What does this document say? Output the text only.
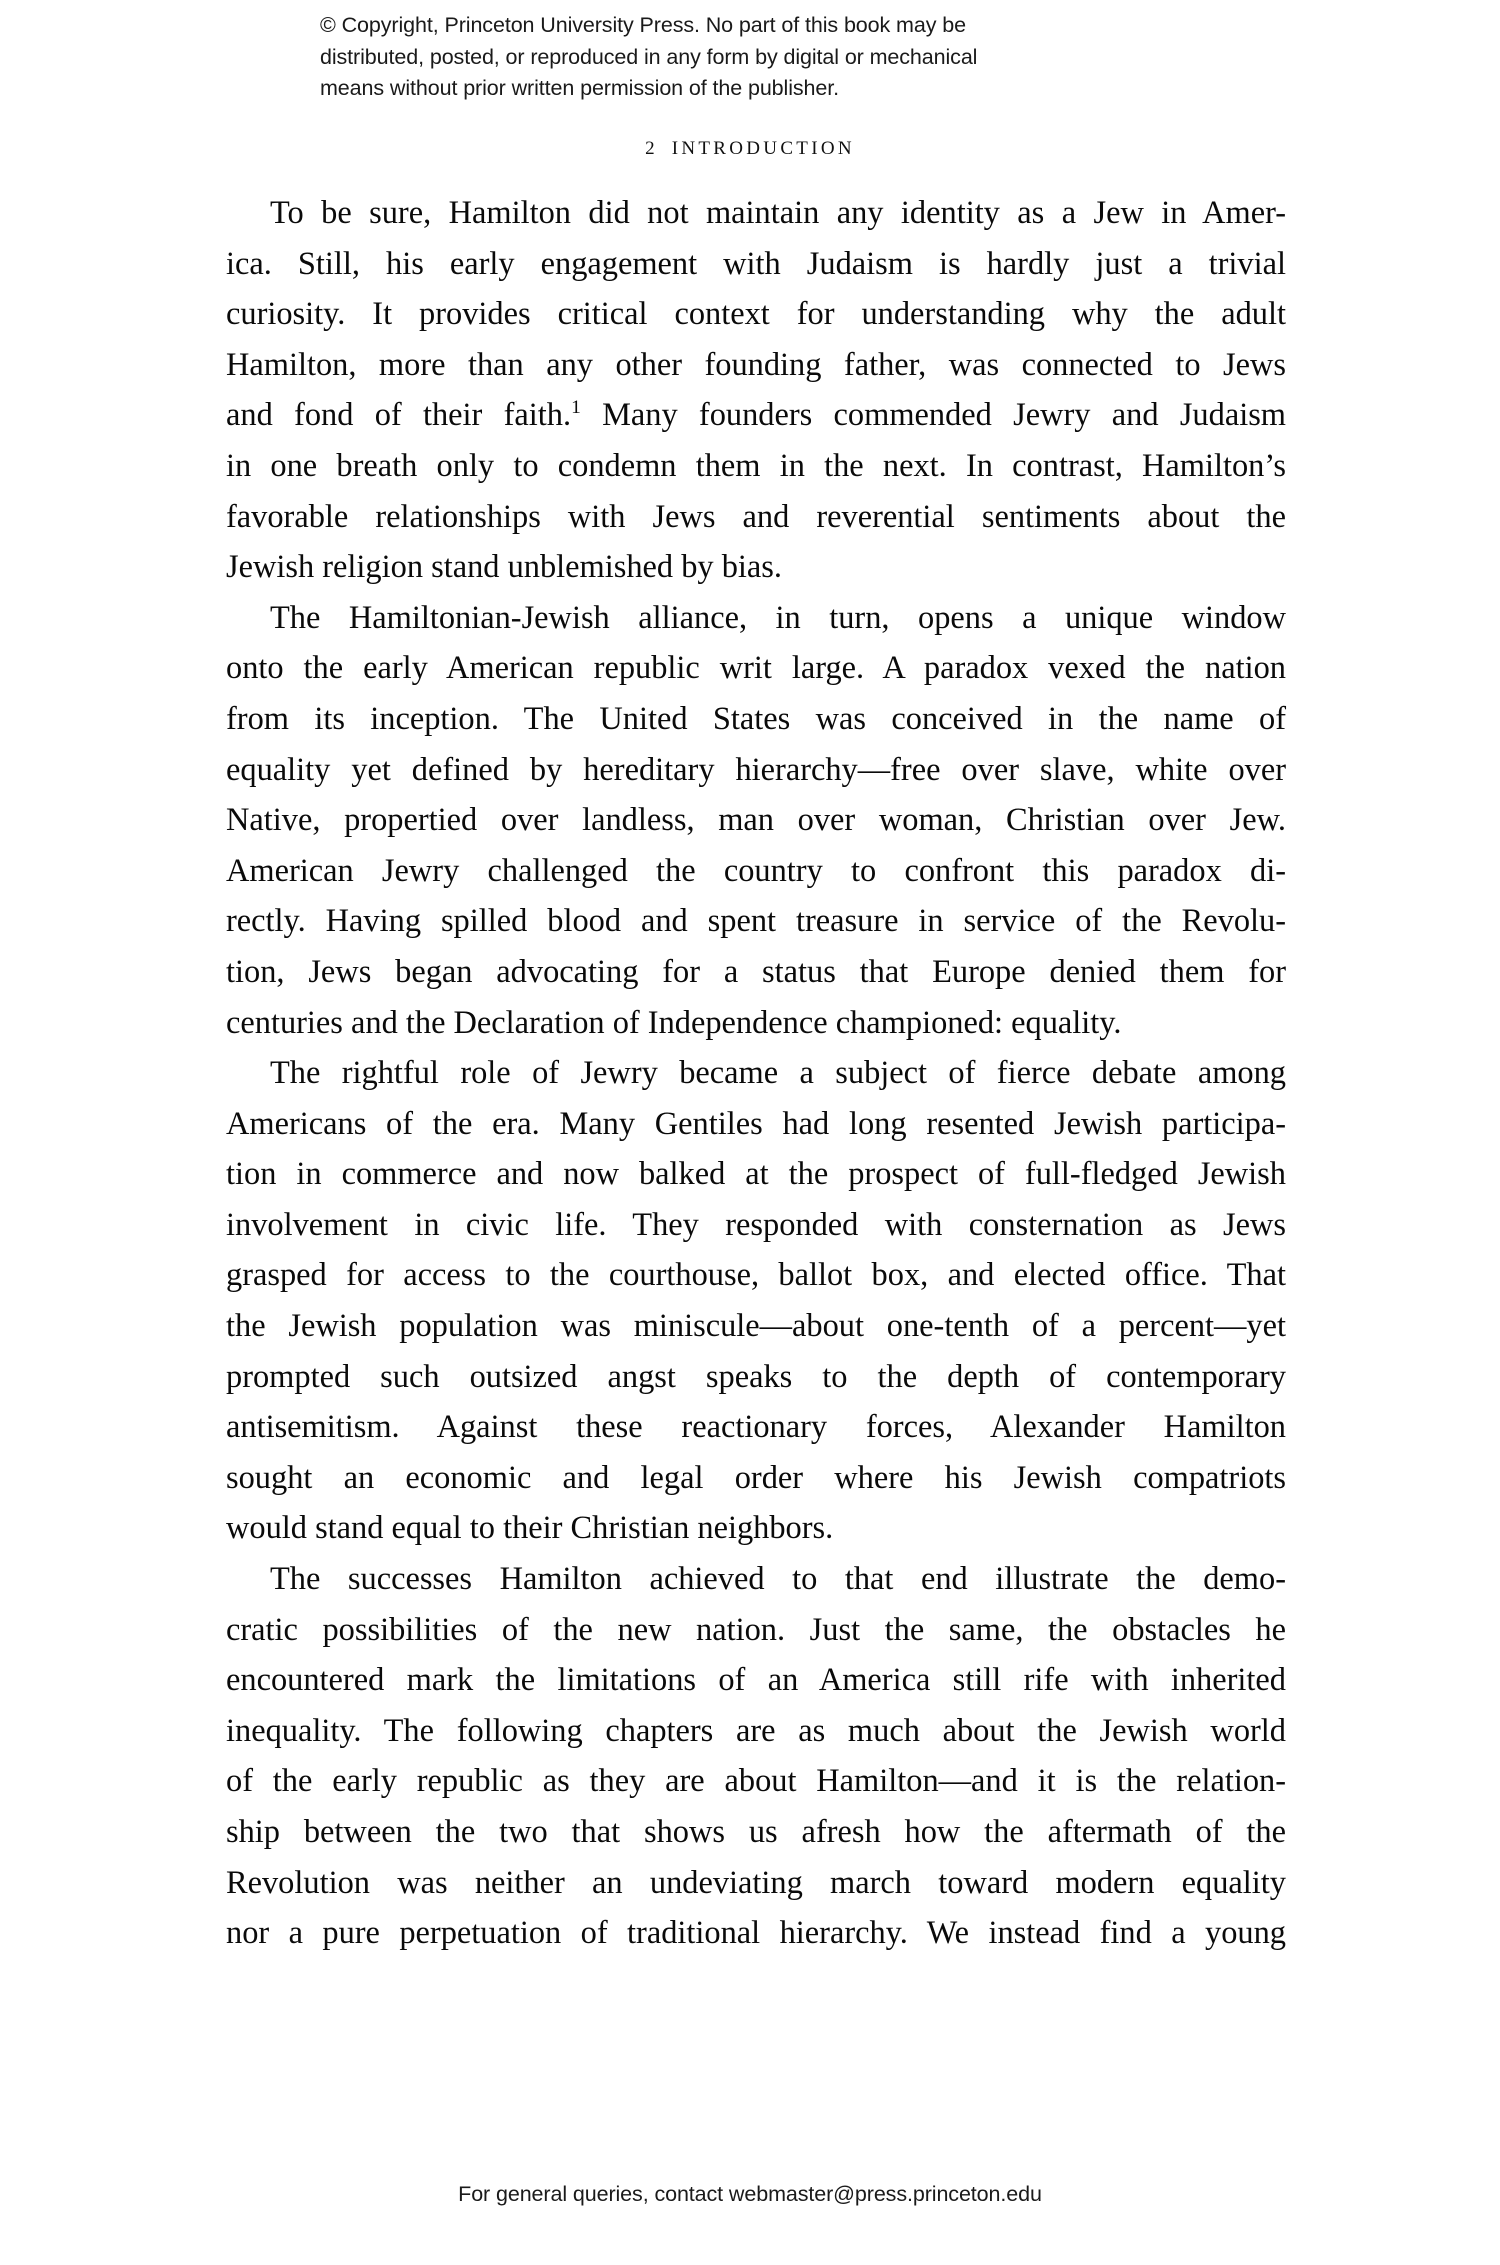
© Copyright, Princeton University Press. No part of this book may be
distributed, posted, or reproduced in any form by digital or mechanical
means without prior written permission of the publisher.
2 INTRODUCTION

To be sure, Hamilton did not maintain any identity as a Jew in Amer-
ica. Still, his early engagement with Judaism is hardly just a trivial
curiosity. It provides critical context for understanding why the adult
Hamilton, more than any other founding father, was connected to Jews
and fond of their faith.$^1$ Many founders commended Jewry and Judaism
in one breath only to condemn them in the next. In contrast, Hamilton’s
favorable relationships with Jews and reverential sentiments about the
Jewish religion stand unblemished by bias.

The Hamiltonian-Jewish alliance, in turn, opens a unique window
onto the early American republic writ large. A paradox vexed the nation
from its inception. The United States was conceived in the name of
equality yet defined by hereditary hierarchy—free over slave, white over
Native, propertied over landless, man over woman, Christian over Jew.
American Jewry challenged the country to confront this paradox di-
rectly. Having spilled blood and spent treasure in service of the Revolu-
tion, Jews began advocating for a status that Europe denied them for
centuries and the Declaration of Independence championed: equality.

The rightful role of Jewry became a subject of fierce debate among
Americans of the era. Many Gentiles had long resented Jewish participa-
tion in commerce and now balked at the prospect of full-fledged Jewish
involvement in civic life. They responded with consternation as Jews
grasped for access to the courthouse, ballot box, and elected office. That
the Jewish population was miniscule—about one-tenth of a percent—yet
prompted such outsized angst speaks to the depth of contemporary
antisemitism. Against these reactionary forces, Alexander Hamilton
sought an economic and legal order where his Jewish compatriots
would stand equal to their Christian neighbors.

The successes Hamilton achieved to that end illustrate the demo-
cratic possibilities of the new nation. Just the same, the obstacles he
encountered mark the limitations of an America still rife with inherited
inequality. The following chapters are as much about the Jewish world
of the early republic as they are about Hamilton—and it is the relation-
ship between the two that shows us afresh how the aftermath of the
Revolution was neither an undeviating march toward modern equality
nor a pure perpetuation of traditional hierarchy. We instead find a young

For general queries, contact webmaster@press.princeton.edu
